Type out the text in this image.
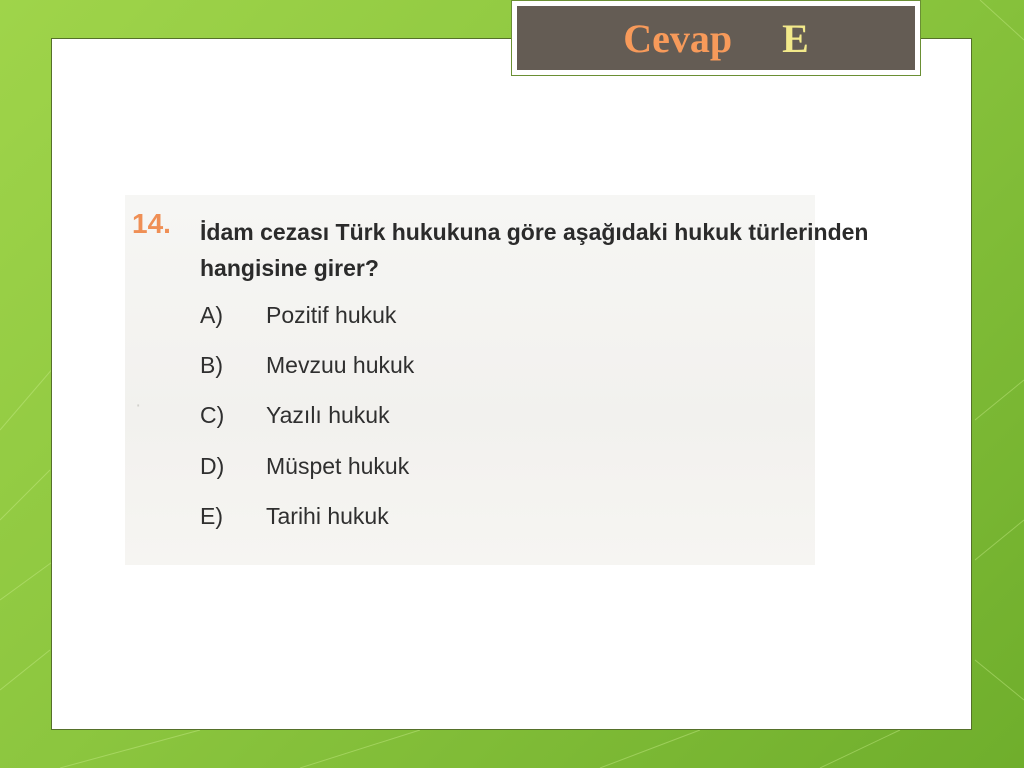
Cevap E
·
14. İdam cezası Türk hukukuna göre aşağıdaki hukuk türlerinden hangisine girer?
A) Pozitif hukuk
B) Mevzuu hukuk
C) Yazılı hukuk
D) Müspet hukuk
E) Tarihi hukuk
